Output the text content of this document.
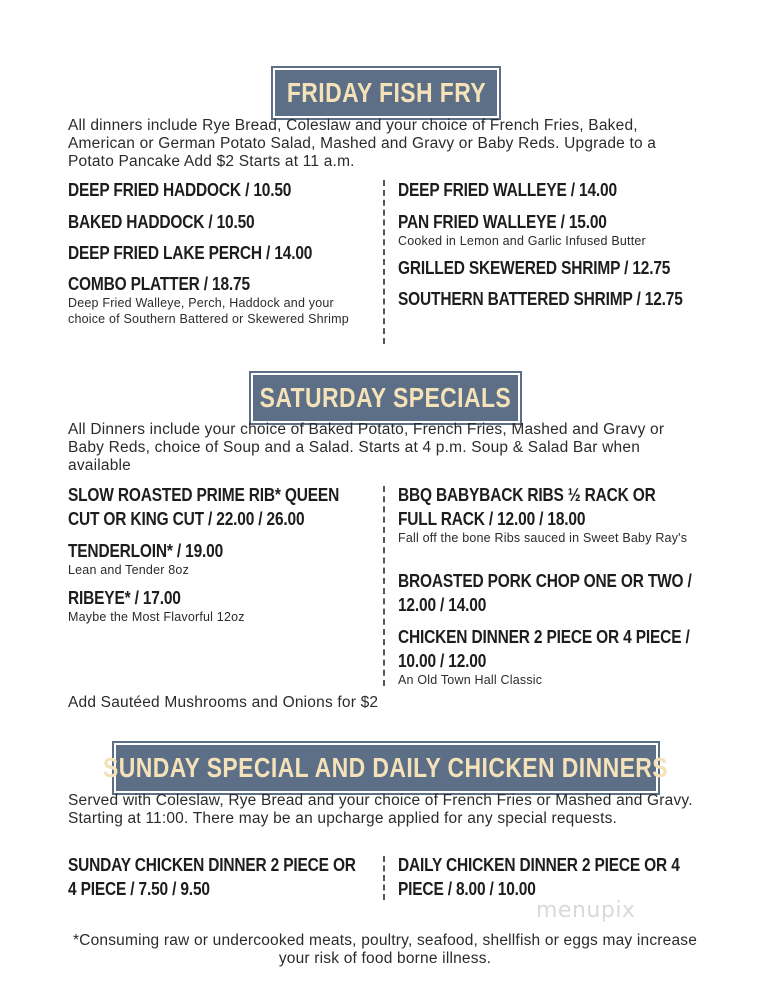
FRIDAY FISH FRY
All dinners include Rye Bread, Coleslaw and your choice of French Fries, Baked, American or German Potato Salad, Mashed and Gravy or Baby Reds. Upgrade to a Potato Pancake Add $2 Starts at 11 a.m.
DEEP FRIED HADDOCK / 10.50
BAKED HADDOCK / 10.50
DEEP FRIED LAKE PERCH / 14.00
COMBO PLATTER / 18.75
Deep Fried Walleye, Perch, Haddock and your choice of Southern Battered or Skewered Shrimp
DEEP FRIED WALLEYE / 14.00
PAN FRIED WALLEYE / 15.00
Cooked in Lemon and Garlic Infused Butter
GRILLED SKEWERED SHRIMP / 12.75
SOUTHERN BATTERED SHRIMP / 12.75
SATURDAY SPECIALS
All Dinners include your choice of Baked Potato, French Fries, Mashed and Gravy or Baby Reds, choice of Soup and a Salad. Starts at 4 p.m. Soup & Salad Bar when available
SLOW ROASTED PRIME RIB* QUEEN CUT OR KING CUT / 22.00 / 26.00
TENDERLOIN* / 19.00
Lean and Tender 8oz
RIBEYE* / 17.00
Maybe the Most Flavorful 12oz
BBQ BABYBACK RIBS ½ RACK OR FULL RACK / 12.00 / 18.00
Fall off the bone Ribs sauced in Sweet Baby Ray's
BROASTED PORK CHOP ONE OR TWO / 12.00 / 14.00
CHICKEN DINNER 2 PIECE OR 4 PIECE / 10.00 / 12.00
An Old Town Hall Classic
Add Sautéed Mushrooms and Onions for $2
SUNDAY SPECIAL AND DAILY CHICKEN DINNERS
Served with Coleslaw, Rye Bread and your choice of French Fries or Mashed and Gravy. Starting at 11:00. There may be an upcharge applied for any special requests.
SUNDAY CHICKEN DINNER 2 PIECE OR 4 PIECE / 7.50 / 9.50
DAILY CHICKEN DINNER 2 PIECE OR 4 PIECE / 8.00 / 10.00
menupix
*Consuming raw or undercooked meats, poultry, seafood, shellfish or eggs may increase your risk of food borne illness.
